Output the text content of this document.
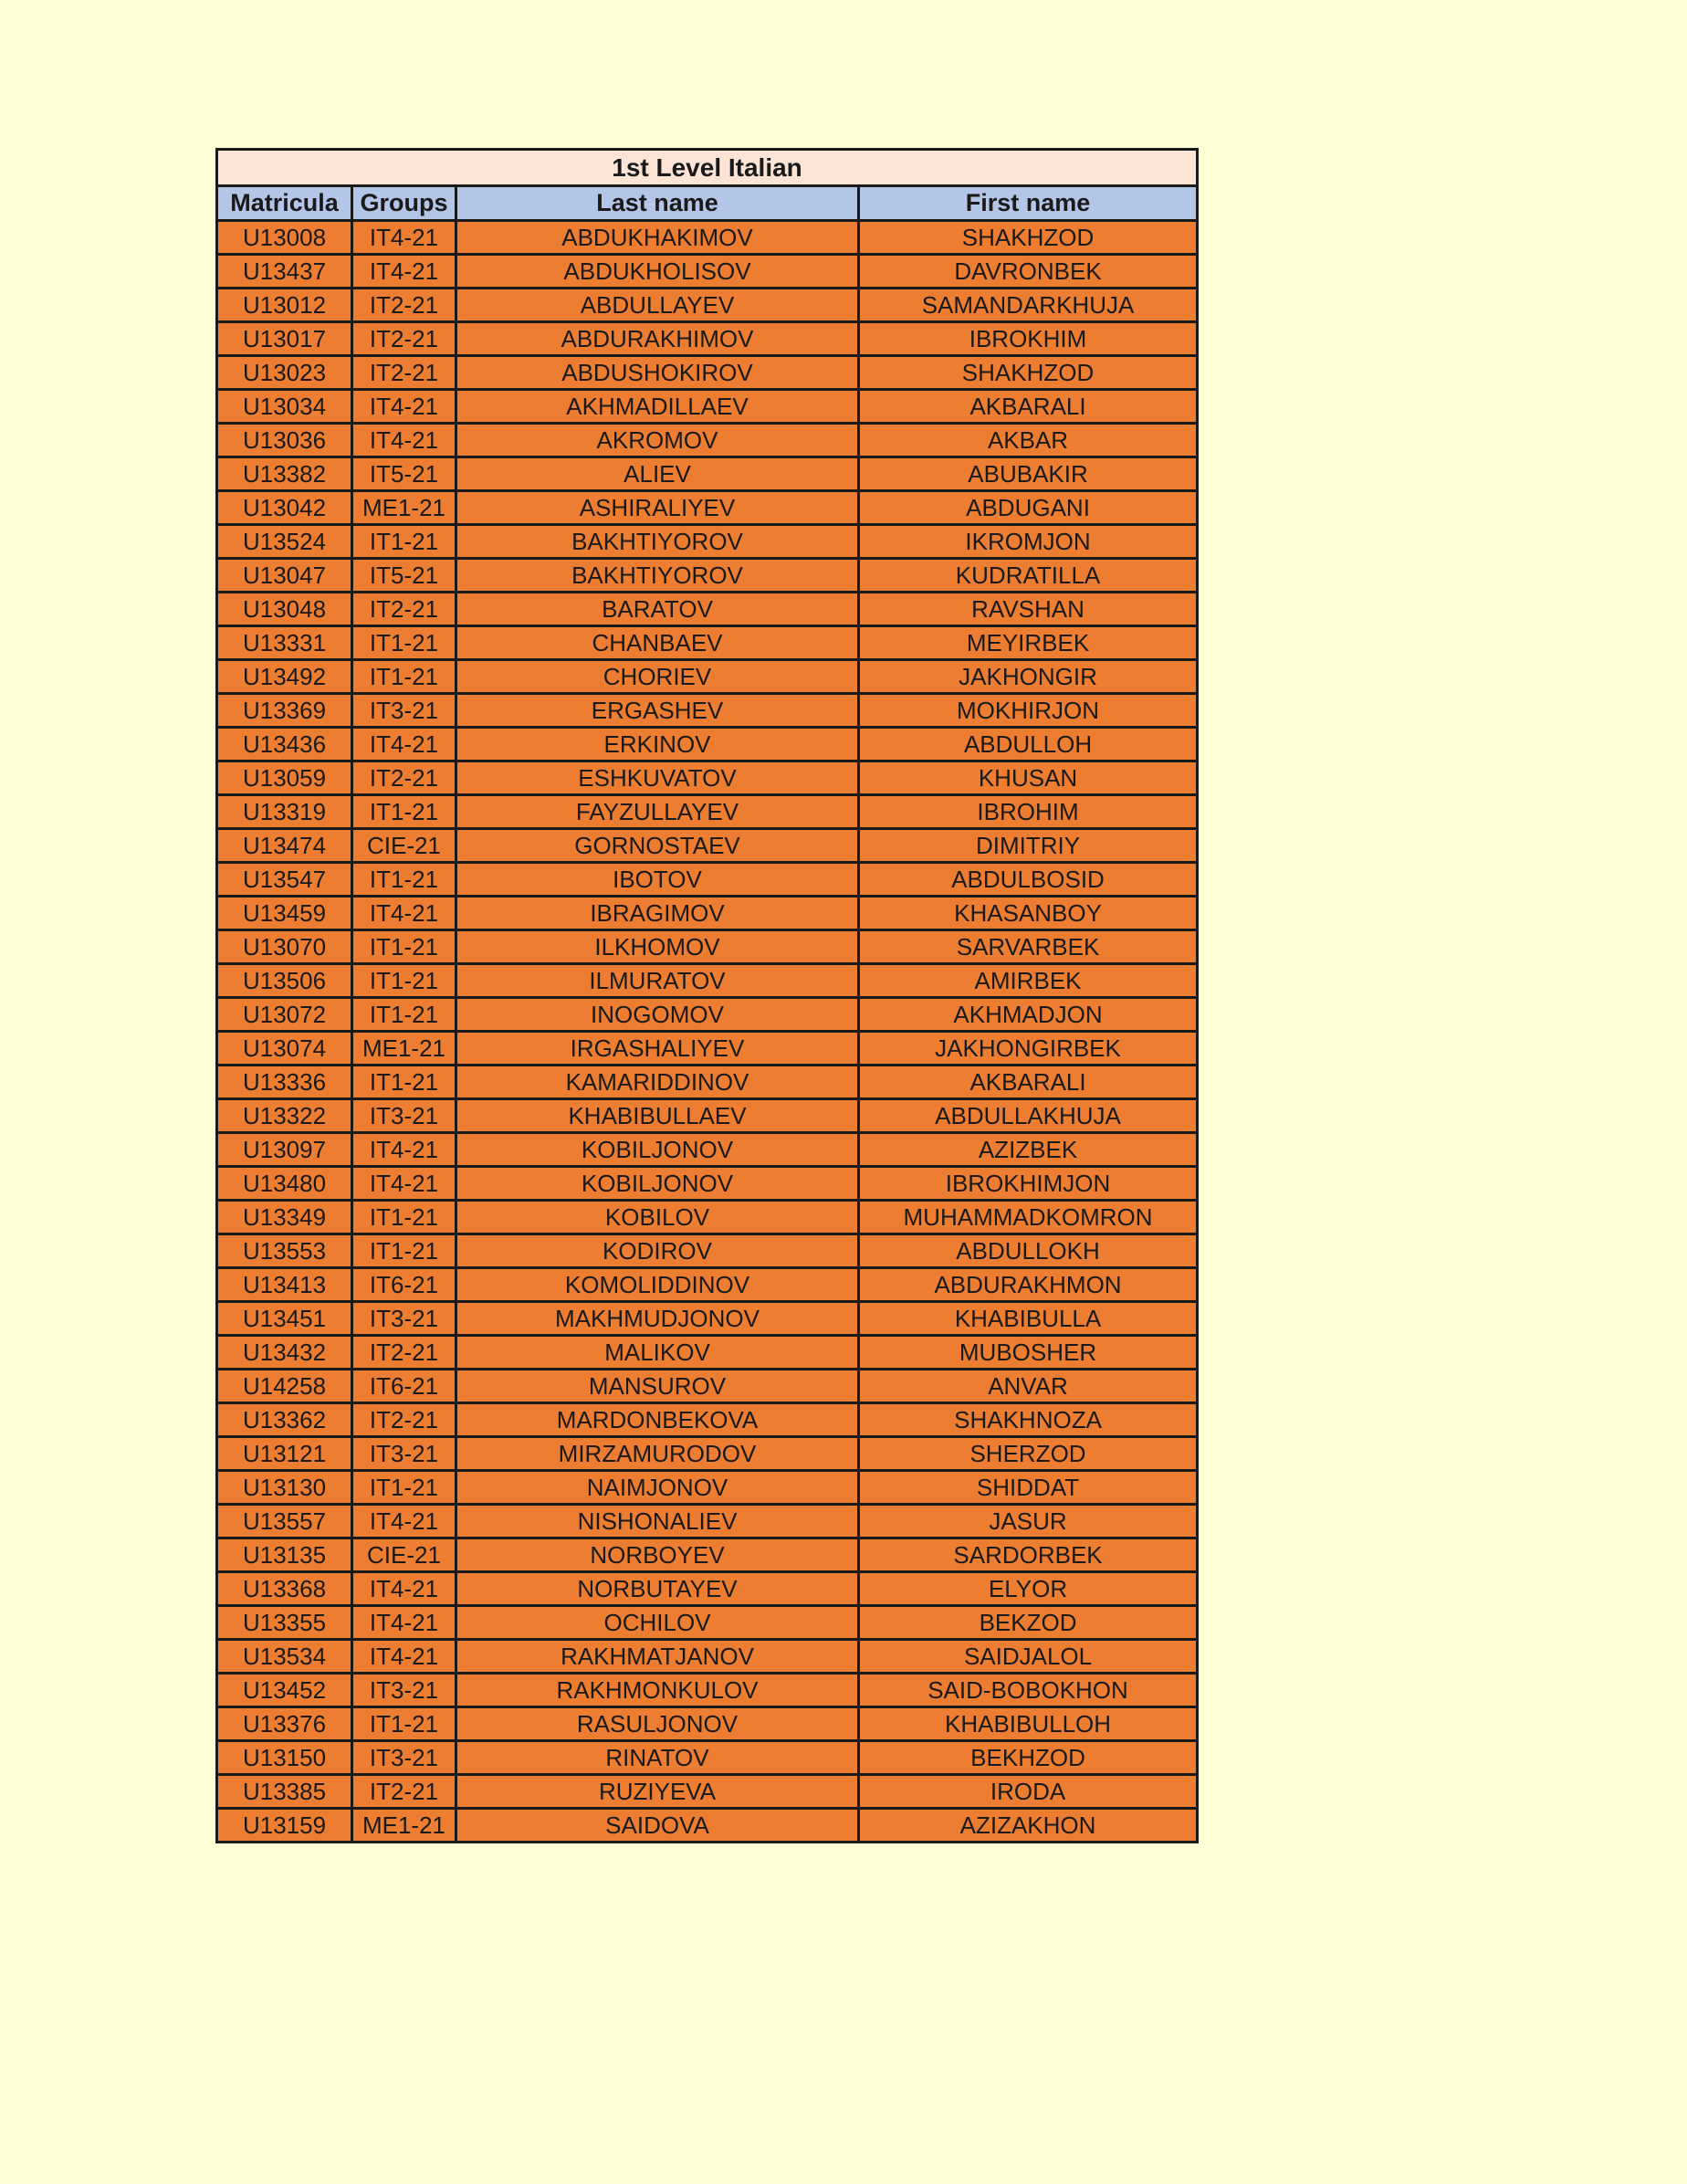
1st Level Italian			
Matricula	Groups	Last name	First name
U13008	IT4-21	ABDUKHAKIMOV	SHAKHZOD
U13437	IT4-21	ABDUKHOLISOV	DAVRONBEK
U13012	IT2-21	ABDULLAYEV	SAMANDARKHUJA
U13017	IT2-21	ABDURAKHIMOV	IBROKHIM
U13023	IT2-21	ABDUSHOKIROV	SHAKHZOD
U13034	IT4-21	AKHMADILLAEV	AKBARALI
U13036	IT4-21	AKROMOV	AKBAR
U13382	IT5-21	ALIEV	ABUBAKIR
U13042	ME1-21	ASHIRALIYEV	ABDUGANI
U13524	IT1-21	BAKHTIYOROV	IKROMJON
U13047	IT5-21	BAKHTIYOROV	KUDRATILLA
U13048	IT2-21	BARATOV	RAVSHAN
U13331	IT1-21	CHANBAEV	MEYIRBEK
U13492	IT1-21	CHORIEV	JAKHONGIR
U13369	IT3-21	ERGASHEV	MOKHIRJON
U13436	IT4-21	ERKINOV	ABDULLOH
U13059	IT2-21	ESHKUVATOV	KHUSAN
U13319	IT1-21	FAYZULLAYEV	IBROHIM
U13474	CIE-21	GORNOSTAEV	DIMITRIY
U13547	IT1-21	IBOTOV	ABDULBOSID
U13459	IT4-21	IBRAGIMOV	KHASANBOY
U13070	IT1-21	ILKHOMOV	SARVARBEK
U13506	IT1-21	ILMURATOV	AMIRBEK
U13072	IT1-21	INOGOMOV	AKHMADJON
U13074	ME1-21	IRGASHALIYEV	JAKHONGIRBEK
U13336	IT1-21	KAMARIDDINOV	AKBARALI
U13322	IT3-21	KHABIBULLAEV	ABDULLAKHUJA
U13097	IT4-21	KOBILJONOV	AZIZBEK
U13480	IT4-21	KOBILJONOV	IBROKHIMJON
U13349	IT1-21	KOBILOV	MUHAMMADKOMRON
U13553	IT1-21	KODIROV	ABDULLOKH
U13413	IT6-21	KOMOLIDDINOV	ABDURAKHMON
U13451	IT3-21	MAKHMUDJONOV	KHABIBULLA
U13432	IT2-21	MALIKOV	MUBOSHER
U14258	IT6-21	MANSUROV	ANVAR
U13362	IT2-21	MARDONBEKOVA	SHAKHNOZA
U13121	IT3-21	MIRZAMURODOV	SHERZOD
U13130	IT1-21	NAIMJONOV	SHIDDAT
U13557	IT4-21	NISHONALIEV	JASUR
U13135	CIE-21	NORBOYEV	SARDORBEK
U13368	IT4-21	NORBUTAYEV	ELYOR
U13355	IT4-21	OCHILOV	BEKZOD
U13534	IT4-21	RAKHMATJANOV	SAIDJALOL
U13452	IT3-21	RAKHMONKULOV	SAID-BOBOKHON
U13376	IT1-21	RASULJONOV	KHABIBULLOH
U13150	IT3-21	RINATOV	BEKHZOD
U13385	IT2-21	RUZIYEVA	IRODA
U13159	ME1-21	SAIDOVA	AZIZAKHON
